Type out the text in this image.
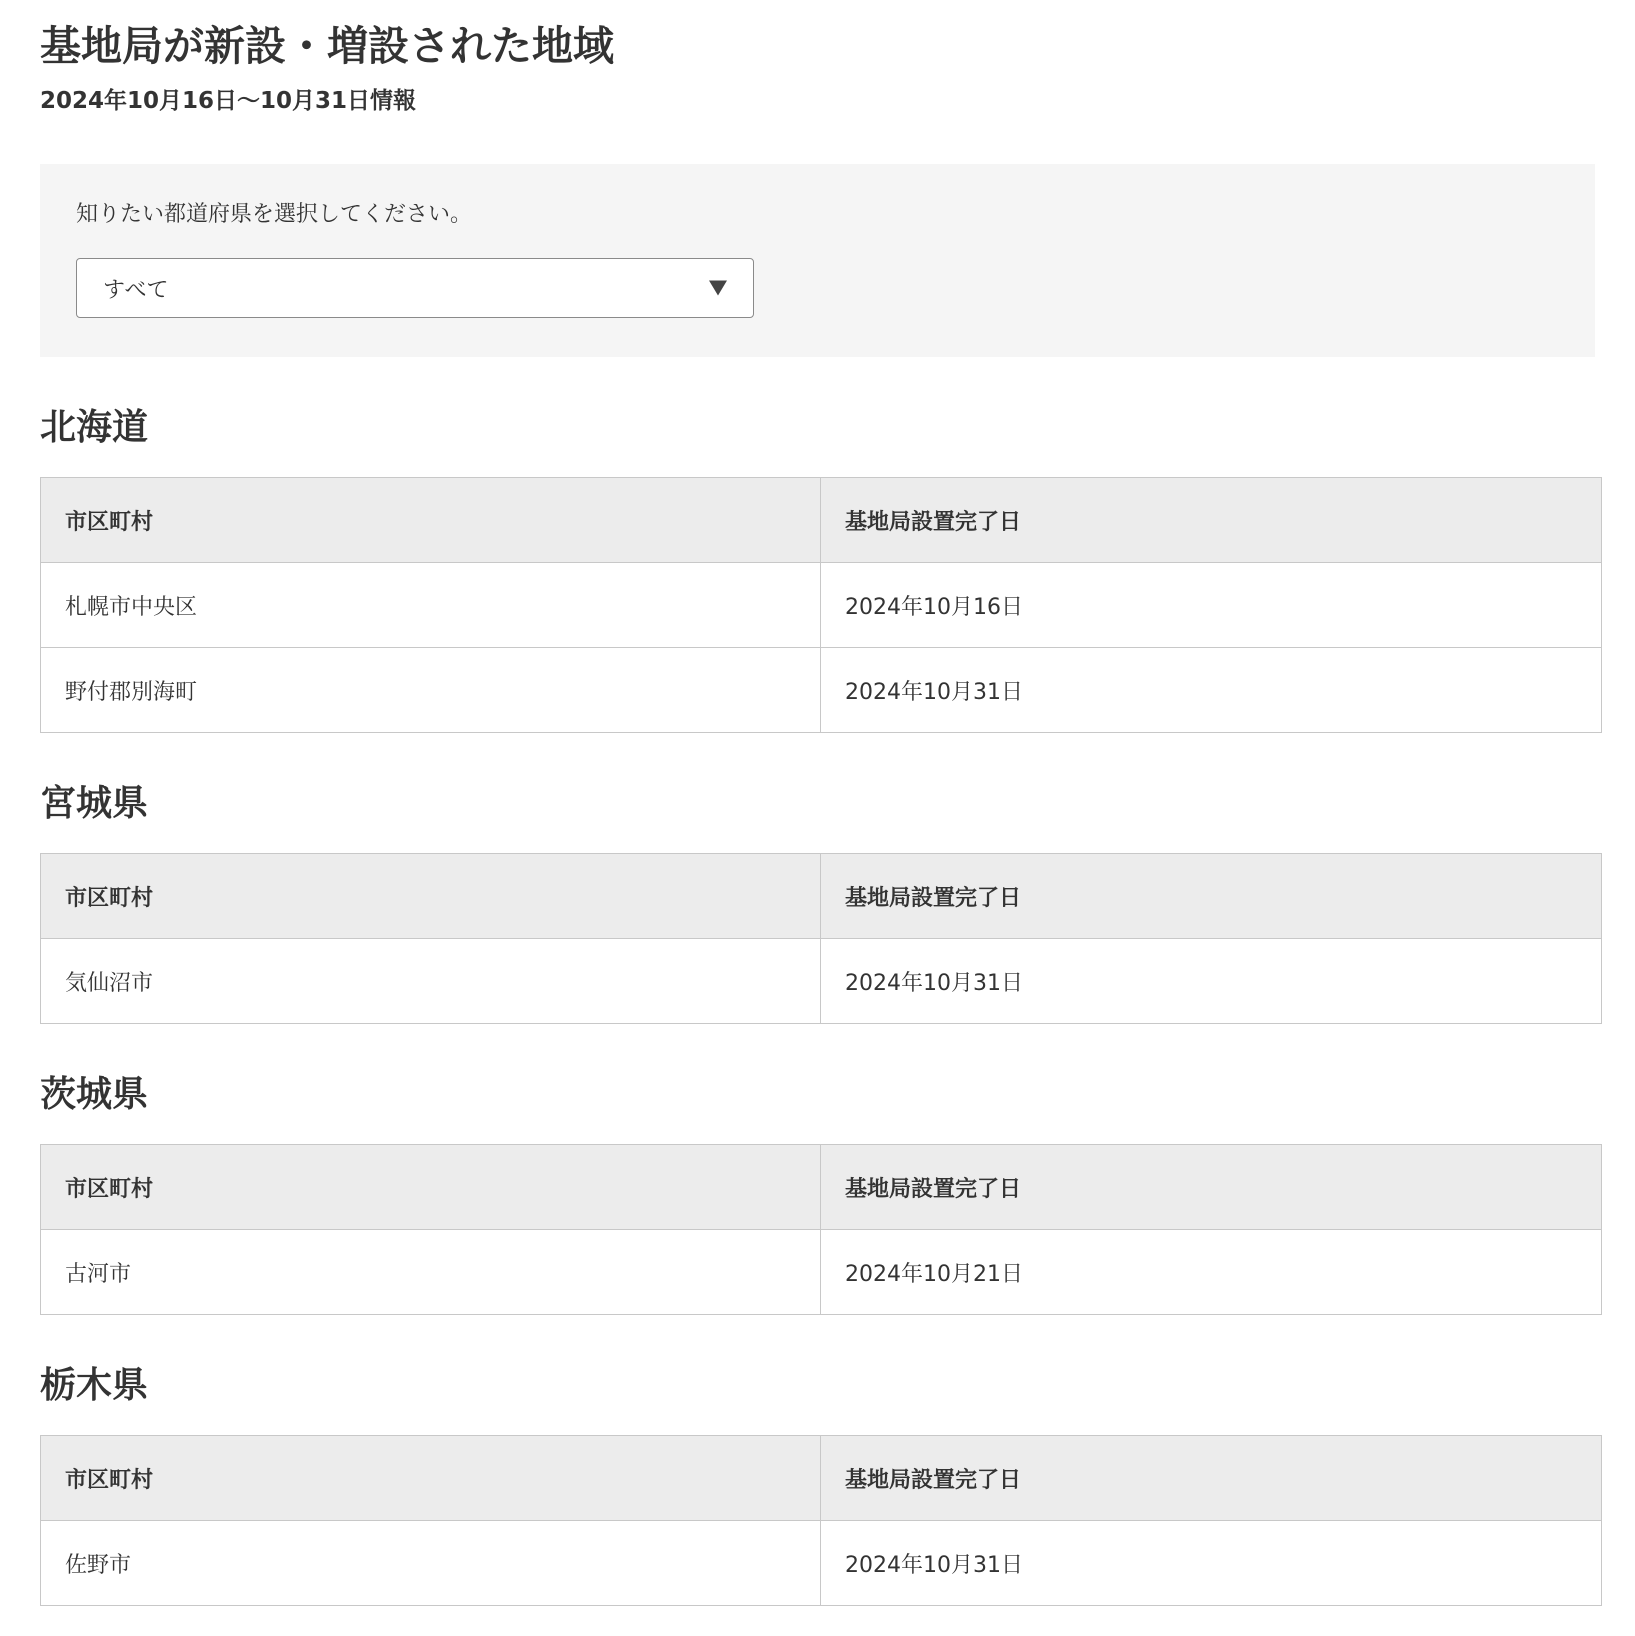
基地局が新設・増設された地域

2024年10月16日〜10月31日情報

知りたい都道府県を選択してください。
すべて
北海道
市区町村	基地局設置完了日
札幌市中央区	2024年10月16日
野付郡別海町	2024年10月31日
宮城県
市区町村	基地局設置完了日
気仙沼市	2024年10月31日
茨城県
市区町村	基地局設置完了日
古河市	2024年10月21日
栃木県
市区町村	基地局設置完了日
佐野市	2024年10月31日
